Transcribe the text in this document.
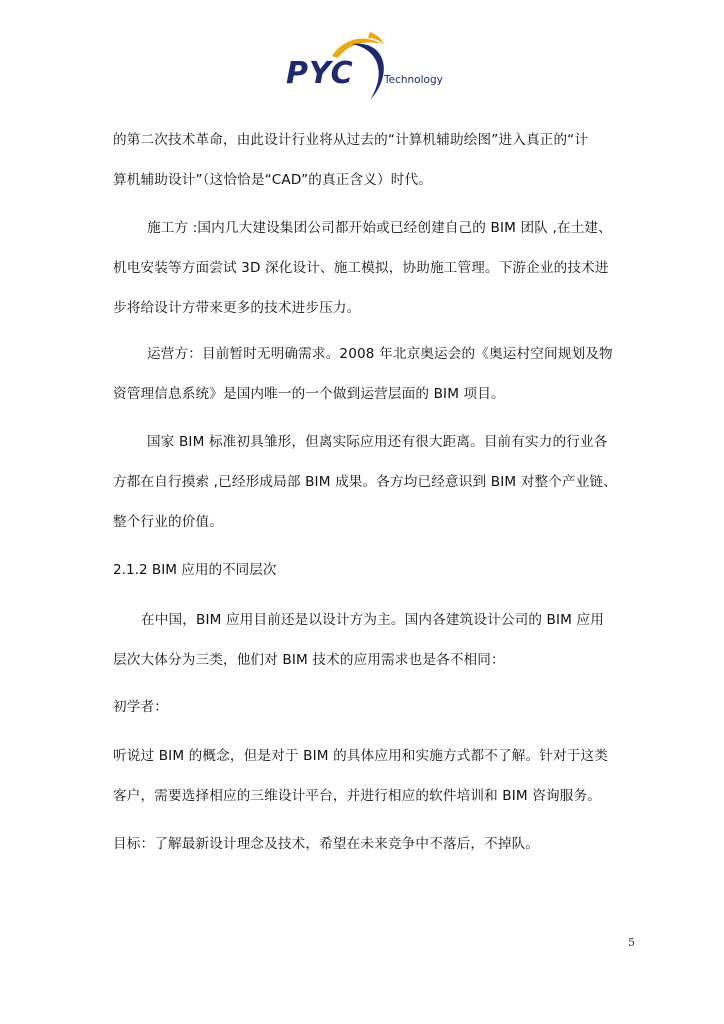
PYC	Technology
的第二次技术革命，由此设计行业将从过去的“计算机辅助绘图”进入真正的“计
算机辅助设计”（这恰恰是“CAD”的真正含义）时代。
施工方 :国内几大建设集团公司都开始或已经创建自己的 BIM 团队 ,在土建、
机电安装等方面尝试 3D 深化设计、施工模拟，协助施工管理。下游企业的技术进
步将给设计方带来更多的技术进步压力。
运营方：目前暂时无明确需求。2008 年北京奥运会的《奥运村空间规划及物
资管理信息系统》是国内唯一的一个做到运营层面的 BIM 项目。
国家 BIM 标准初具雏形，但离实际应用还有很大距离。目前有实力的行业各
方都在自行摸索 ,已经形成局部 BIM 成果。各方均已经意识到 BIM 对整个产业链、
整个行业的价值。
2.1.2 BIM 应用的不同层次
在中国，BIM 应用目前还是以设计方为主。国内各建筑设计公司的 BIM 应用
层次大体分为三类，他们对 BIM 技术的应用需求也是各不相同：
初学者：
听说过 BIM 的概念，但是对于 BIM 的具体应用和实施方式都不了解。针对于这类
客户，需要选择相应的三维设计平台，并进行相应的软件培训和 BIM 咨询服务。
目标：了解最新设计理念及技术，希望在未来竞争中不落后，不掉队。
5
